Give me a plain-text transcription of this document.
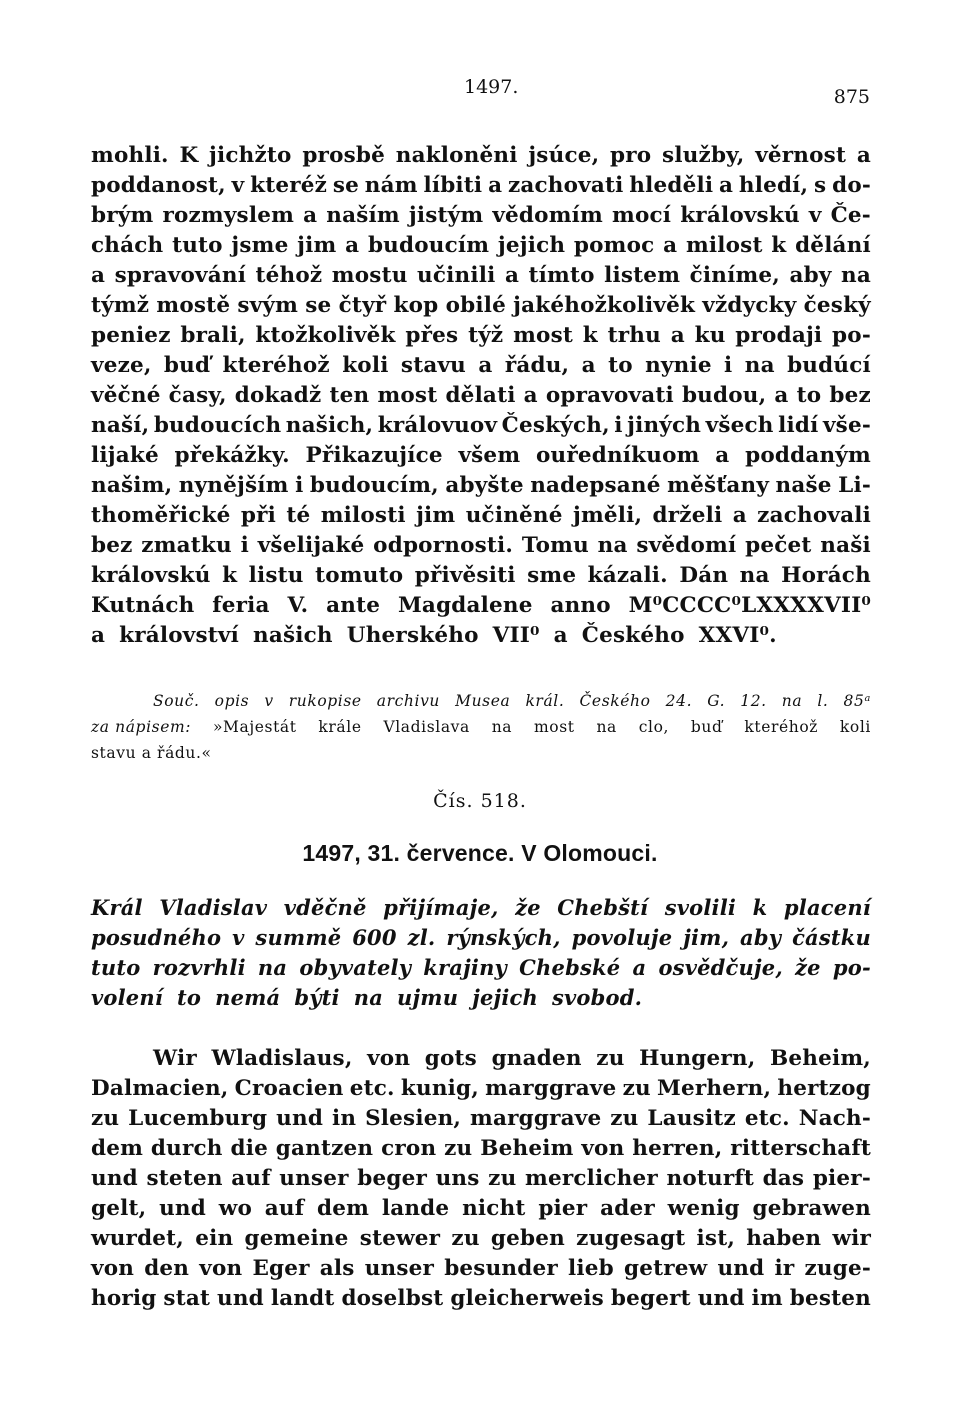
1497.	875
mohli. K jichžto prosbě nakloněni jsúce, pro služby, věrnost a
poddanost, v kteréž se nám líbiti a zachovati hleděli a hledí, s do-
brým rozmyslem a naším jistým vědomím mocí královskú v Če-
chách tuto jsme jim a budoucím jejich pomoc a milost k dělání
a spravování téhož mostu učinili a tímto listem činíme, aby na
týmž mostě svým se čtyř kop obilé jakéhožkolivěk vždycky český
peniez brali, ktožkolivěk přes týž most k trhu a ku prodaji po-
veze, buď kteréhož koli stavu a řádu, a to nynie i na budúcí
věčné časy, dokadž ten most dělati a opravovati budou, a to bez
naší, budoucích našich, královuov Českých, i jiných všech lidí vše-
lijaké překážky. Přikazujíce všem ouředníkuom a poddaným
našim, nynějším i budoucím, abyšte nadepsané měšťany naše Li-
thoměřické při té milosti jim učiněné jměli, drželi a zachovali
bez zmatku i všelijaké odpornosti. Tomu na svědomí pečet naši
královskú k listu tomuto přivěsiti sme kázali. Dán na Horách
Kutnách feria V. ante Magdalene anno M⁰CCCC⁰LXXXXVII⁰
a království našich Uherského VII⁰ a Českého XXVI⁰.
Souč. opis v rukopise archivu Musea král. Českého 24. G. 12. na l. 85ᵃ
za nápisem: »Majestát krále Vladislava na most na clo, buď kteréhož koli
stavu a řádu.«
Čís. 518.
1497, 31. července. V Olomouci.
Král Vladislav vděčně přijímaje, že Chebští svolili k placení
posudného v summě 600 zl. rýnských, povoluje jim, aby částku
tuto rozvrhli na obyvately krajiny Chebské a osvědčuje, že po-
volení to nemá býti na ujmu jejich svobod.
Wir Wladislaus, von gots gnaden zu Hungern, Beheim,
Dalmacien, Croacien etc. kunig, marggrave zu Merhern, hertzog
zu Lucemburg und in Slesien, marggrave zu Lausitz etc. Nach-
dem durch die gantzen cron zu Beheim von herren, ritterschaft
und steten auf unser beger uns zu merclicher noturft das pier-
gelt, und wo auf dem lande nicht pier ader wenig gebrawen
wurdet, ein gemeine stewer zu geben zugesagt ist, haben wir
von den von Eger als unser besunder lieb getrew und ir zuge-
horig stat und landt doselbst gleicherweis begert und im besten
